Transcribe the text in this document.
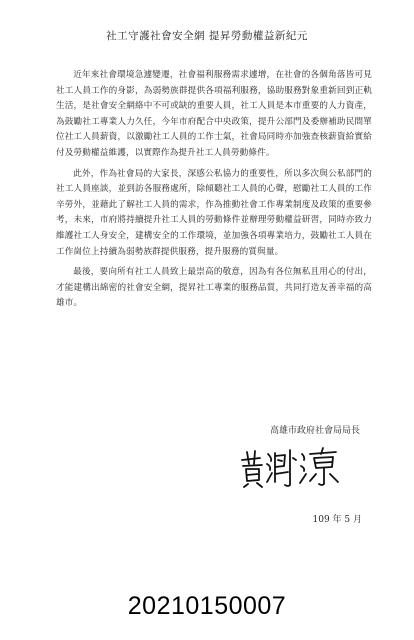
社工守護社會安全網 提昇勞動權益新紀元

近年來社會環境急遽變遷，社會福利服務需求遽增，在社會的各個角落皆可見社工人員工作的身影，為弱勢族群提供各項福利服務，協助服務對象重新回到正軌生活，是社會安全網絡中不可或缺的重要人員，社工人員是本市重要的人力資產，為鼓勵社工專業人力久任，今年市府配合中央政策，提升公部門及委辦補助民間單位社工人員薪資，以激勵社工人員的工作士氣，社會局同時亦加強查核薪資給實給付及勞動權益維護，以實際作為提升社工人員勞動條件。

此外，作為社會局的大家長，深感公私協力的重要性，所以多次與公私部門的社工人員座談，並到訪各服務處所，除傾聽社工人員的心聲，慰勵社工人員的工作辛勞外，並藉此了解社工人員的需求，作為推動社會工作專業制度及政策的重要參考，未來，市府將持續提升社工人員的勞動條件並辦理勞動權益研習，同時亦致力維護社工人身安全，建構安全的工作環境，並加強各項專業培力，鼓勵社工人員在工作崗位上持續為弱勢族群提供服務，提升服務的質與量。

最後，要向所有社工人員致上最崇高的敬意，因為有各位無私且用心的付出，才能建構出綿密的社會安全網，提昇社工專業的服務品質，共同打造友善幸福的高雄市。

高雄市政府社會局局長
109 年 5 月
20210150007
